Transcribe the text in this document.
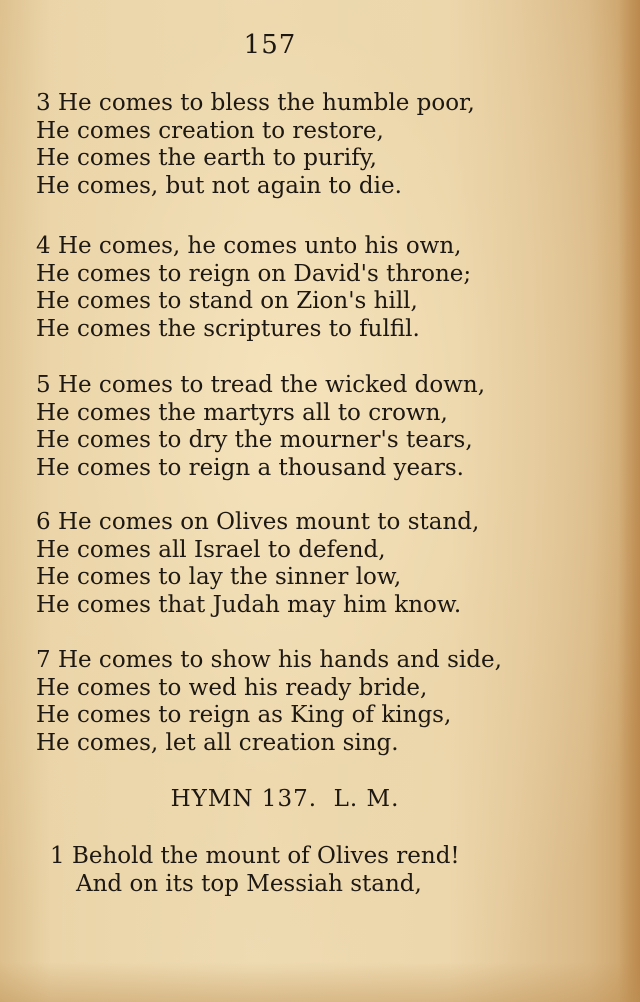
157
3 He comes to bless the humble poor,
He comes creation to restore,
He comes the earth to purify,
He comes, but not again to die.
4 He comes, he comes unto his own,
He comes to reign on David's throne;
He comes to stand on Zion's hill,
He comes the scriptures to fulfil.
5 He comes to tread the wicked down,
He comes the martyrs all to crown,
He comes to dry the mourner's tears,
He comes to reign a thousand years.
6 He comes on Olives mount to stand,
He comes all Israel to defend,
He comes to lay the sinner low,
He comes that Judah may him know.
7 He comes to show his hands and side,
He comes to wed his ready bride,
He comes to reign as King of kings,
He comes, let all creation sing.
HYMN 137. L. M.
1 Behold the mount of Olives rend!
And on its top Messiah stand,
